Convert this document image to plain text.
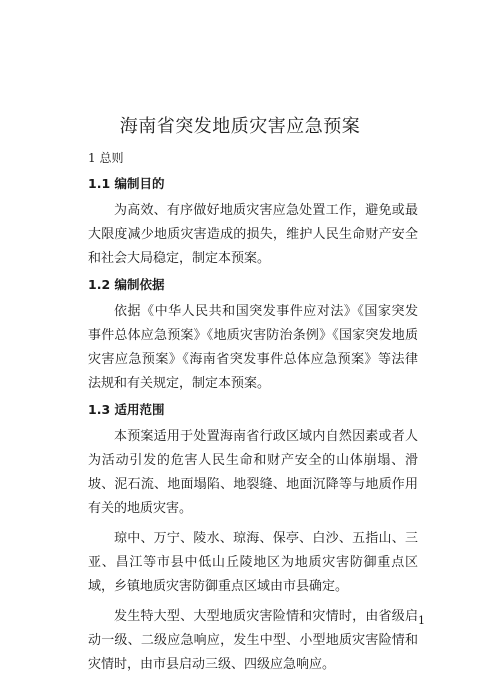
海南省突发地质灾害应急预案
1 总则
1.1 编制目的

为高效、有序做好地质灾害应急处置工作，避免或最大限度减少地质灾害造成的损失，维护人民生命财产安全和社会大局稳定，制定本预案。

1.2 编制依据

依据《中华人民共和国突发事件应对法》《国家突发事件总体应急预案》《地质灾害防治条例》《国家突发地质灾害应急预案》《海南省突发事件总体应急预案》等法律法规和有关规定，制定本预案。

1.3 适用范围

本预案适用于处置海南省行政区域内自然因素或者人为活动引发的危害人民生命和财产安全的山体崩塌、滑坡、泥石流、地面塌陷、地裂缝、地面沉降等与地质作用有关的地质灾害。

琼中、万宁、陵水、琼海、保亭、白沙、五指山、三亚、昌江等市县中低山丘陵地区为地质灾害防御重点区域，乡镇地质灾害防御重点区域由市县确定。

发生特大型、大型地质灾害险情和灾情时，由省级启动一级、二级应急响应，发生中型、小型地质灾害险情和灾情时，由市县启动三级、四级应急响应。

1
